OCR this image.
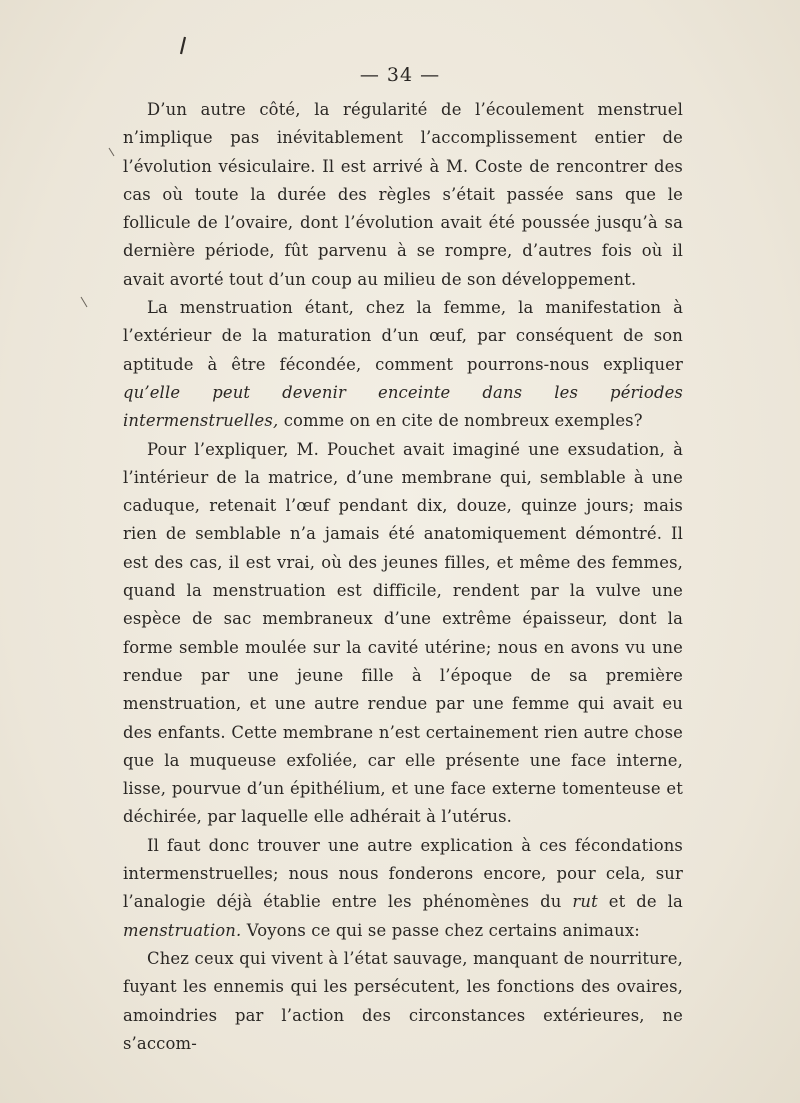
— 34 —

D’un autre côté, la régularité de l’écoulement menstruel n’implique pas inévitablement l’accomplissement entier de l’évolution vésiculaire. Il est arrivé à M. Coste de rencontrer des cas où toute la durée des règles s’était passée sans que le follicule de l’ovaire, dont l’évolution avait été poussée jusqu’à sa dernière période, fût parvenu à se rompre, d’autres fois où il avait avorté tout d’un coup au milieu de son développement.

La menstruation étant, chez la femme, la manifestation à l’extérieur de la maturation d’un œuf, par conséquent de son aptitude à être fécondée, comment pourrons-nous expliquer qu’elle peut devenir enceinte dans les périodes intermenstruelles, comme on en cite de nombreux exemples?

Pour l’expliquer, M. Pouchet avait imaginé une exsudation, à l’intérieur de la matrice, d’une membrane qui, semblable à une caduque, retenait l’œuf pendant dix, douze, quinze jours; mais rien de semblable n’a jamais été anatomiquement démontré. Il est des cas, il est vrai, où des jeunes filles, et même des femmes, quand la menstruation est difficile, rendent par la vulve une espèce de sac membraneux d’une extrême épaisseur, dont la forme semble moulée sur la cavité utérine; nous en avons vu une rendue par une jeune fille à l’époque de sa première menstruation, et une autre rendue par une femme qui avait eu des enfants. Cette membrane n’est certainement rien autre chose que la muqueuse exfoliée, car elle présente une face interne, lisse, pourvue d’un épithélium, et une face externe tomenteuse et déchirée, par laquelle elle adhérait à l’utérus.

Il faut donc trouver une autre explication à ces fécondations intermenstruelles; nous nous fonderons encore, pour cela, sur l’analogie déjà établie entre les phénomènes du rut et de la menstruation. Voyons ce qui se passe chez certains animaux:

Chez ceux qui vivent à l’état sauvage, manquant de nourriture, fuyant les ennemis qui les persécutent, les fonctions des ovaires, amoindries par l’action des circonstances extérieures, ne s’accom-
